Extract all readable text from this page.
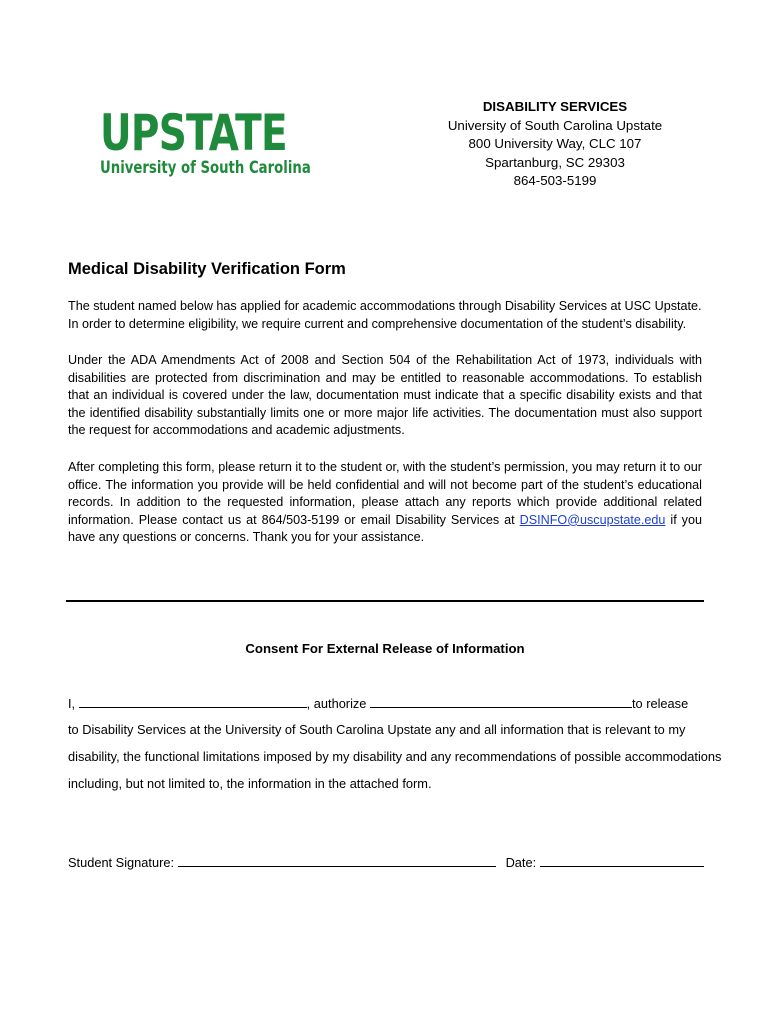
UPSTATE
University of South Carolina
DISABILITY SERVICES
University of South Carolina Upstate
800 University Way, CLC 107
Spartanburg, SC 29303
864-503-5199
Medical Disability Verification Form
The student named below has applied for academic accommodations through Disability Services at USC Upstate. In order to determine eligibility, we require current and comprehensive documentation of the student’s disability.
Under the ADA Amendments Act of 2008 and Section 504 of the Rehabilitation Act of 1973, individuals with disabilities are protected from discrimination and may be entitled to reasonable accommodations. To establish that an individual is covered under the law, documentation must indicate that a specific disability exists and that the identified disability substantially limits one or more major life activities. The documentation must also support the request for accommodations and academic adjustments.
After completing this form, please return it to the student or, with the student’s permission, you may return it to our office. The information you provide will be held confidential and will not become part of the student’s educational records. In addition to the requested information, please attach any reports which provide additional related information. Please contact us at 864/503-5199 or email Disability Services at DSINFO@uscupstate.edu if you have any questions or concerns. Thank you for your assistance.
Consent For External Release of Information
I,	, authorize	to release
to Disability Services at the University of South Carolina Upstate any and all information that is relevant to my
disability, the functional limitations imposed by my disability and any recommendations of possible accommodations
including, but not limited to, the information in the attached form.
Student Signature:	Date:
